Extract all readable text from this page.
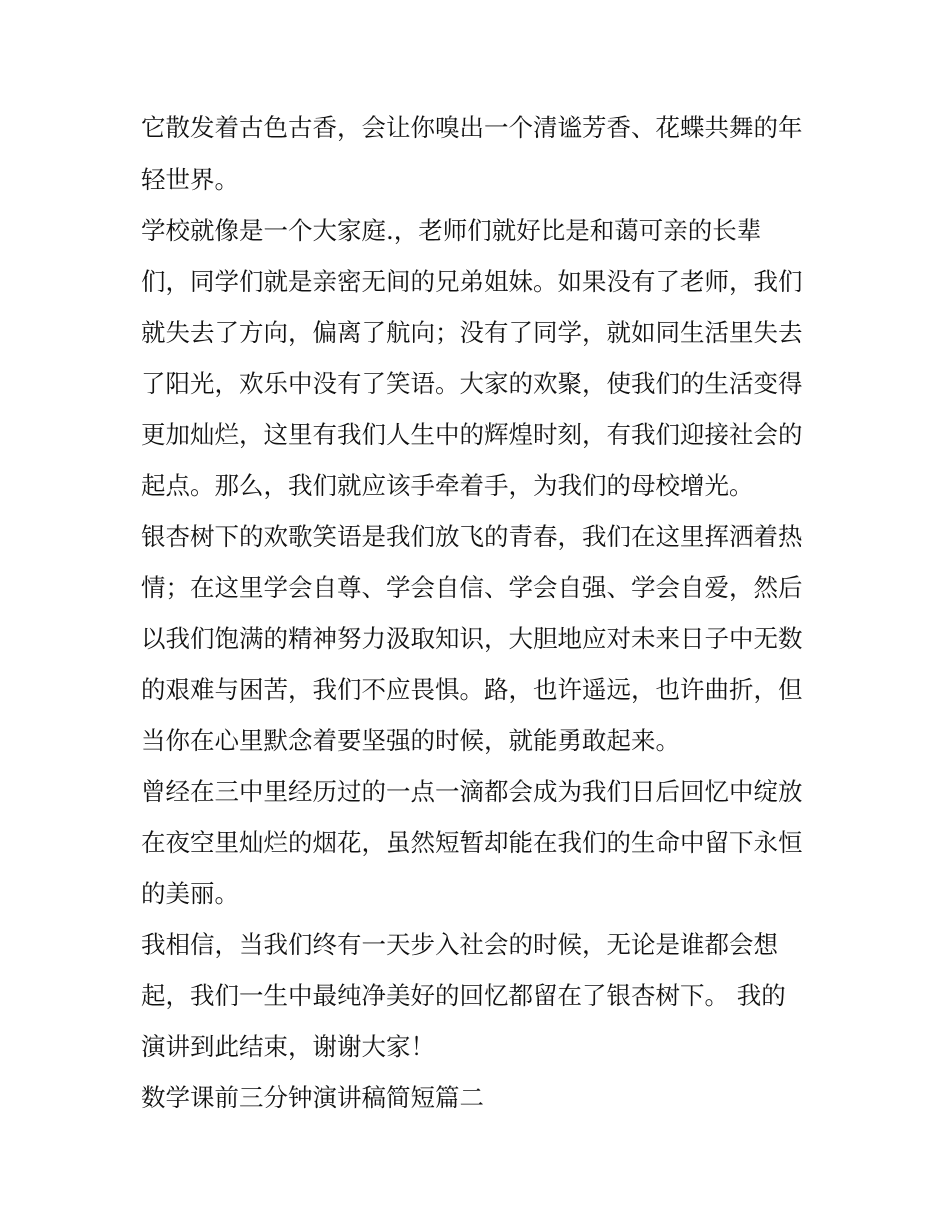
它散发着古色古香，会让你嗅出一个清谧芳香、花蝶共舞的年
轻世界。
学校就像是一个大家庭.，老师们就好比是和蔼可亲的长辈
们，同学们就是亲密无间的兄弟姐妹。如果没有了老师，我们
就失去了方向，偏离了航向；没有了同学，就如同生活里失去
了阳光，欢乐中没有了笑语。大家的欢聚，使我们的生活变得
更加灿烂，这里有我们人生中的辉煌时刻，有我们迎接社会的
起点。那么，我们就应该手牵着手，为我们的母校增光。
银杏树下的欢歌笑语是我们放飞的青春，我们在这里挥洒着热
情；在这里学会自尊、学会自信、学会自强、学会自爱，然后
以我们饱满的精神努力汲取知识，大胆地应对未来日子中无数
的艰难与困苦，我们不应畏惧。路，也许遥远，也许曲折，但
当你在心里默念着要坚强的时候，就能勇敢起来。
曾经在三中里经历过的一点一滴都会成为我们日后回忆中绽放
在夜空里灿烂的烟花，虽然短暂却能在我们的生命中留下永恒
的美丽。
我相信，当我们终有一天步入社会的时候，无论是谁都会想
起，我们一生中最纯净美好的回忆都留在了银杏树下。 我的
演讲到此结束，谢谢大家！
数学课前三分钟演讲稿简短篇二
